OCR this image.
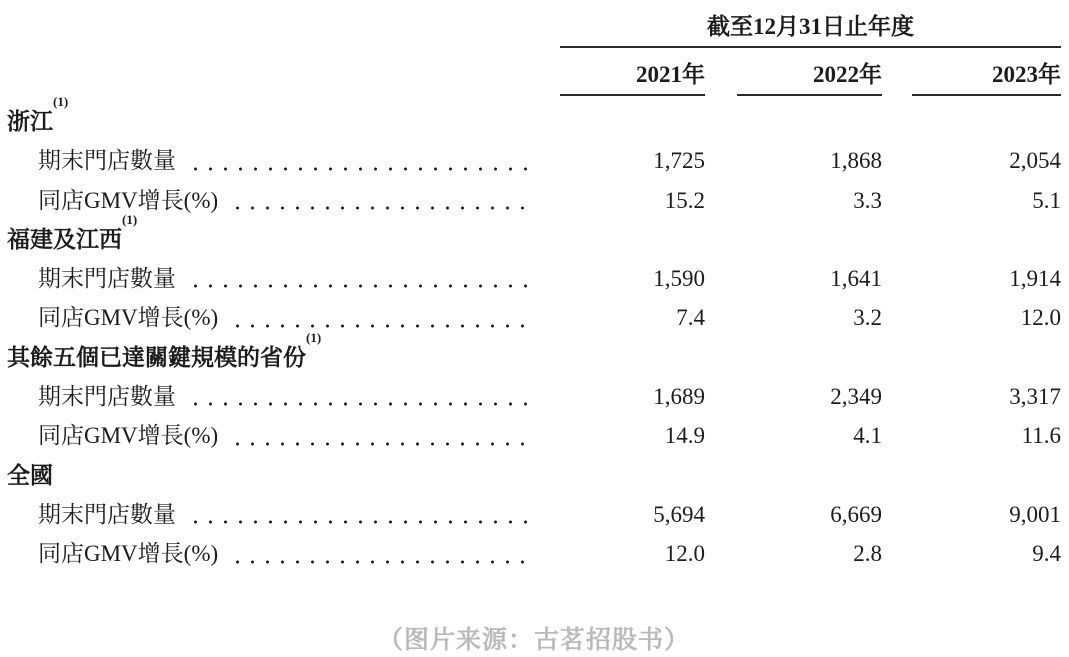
截至12月31日止年度
2021年	2022年	2023年
浙江
(1)
期末門店數量	1,725	1,868	2,054
同店GMV增長(%)	15.2	3.3	5.1
福建及江西
(1)
期末門店數量	1,590	1,641	1,914
同店GMV增長(%)	7.4	3.2	12.0
其餘五個已達關鍵規模的省份
(1)
期末門店數量	1,689	2,349	3,317
同店GMV增長(%)	14.9	4.1	11.6
全國
期末門店數量	5,694	6,669	9,001
同店GMV增長(%)	12.0	2.8	9.4
（图片来源：古茗招股书）
